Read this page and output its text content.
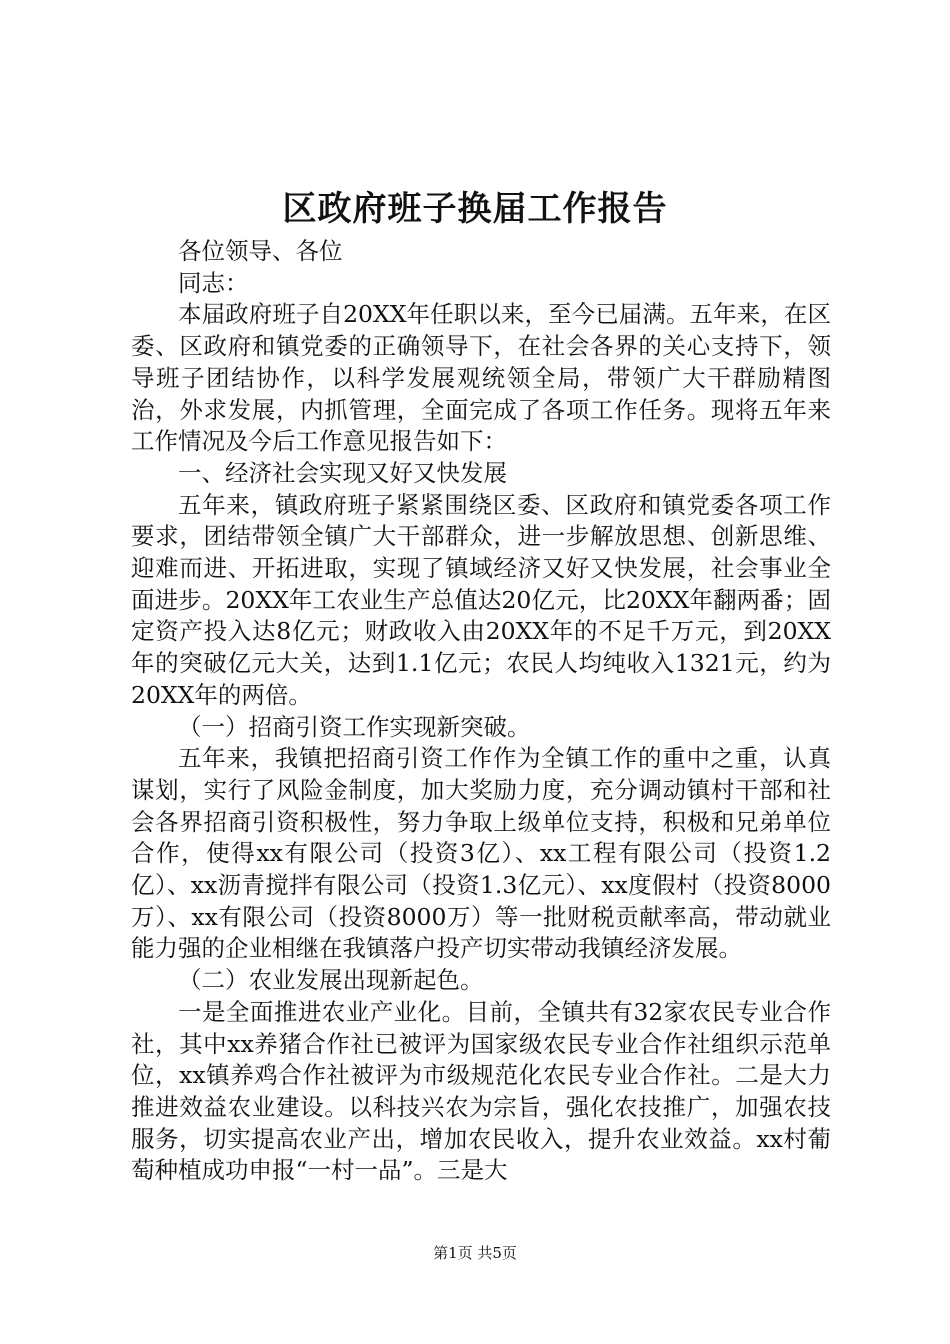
区政府班子换届工作报告

各位领导、各位

同志：

本届政府班子自20XX年任职以来，至今已届满。五年来，在区委、区政府和镇党委的正确领导下，在社会各界的关心支持下，领导班子团结协作，以科学发展观统领全局，带领广大干群励精图治，外求发展，内抓管理，全面完成了各项工作任务。现将五年来工作情况及今后工作意见报告如下：

一、经济社会实现又好又快发展

五年来，镇政府班子紧紧围绕区委、区政府和镇党委各项工作要求，团结带领全镇广大干部群众，进一步解放思想、创新思维、迎难而进、开拓进取，实现了镇域经济又好又快发展，社会事业全面进步。20XX年工农业生产总值达20亿元，比20XX年翻两番；固定资产投入达8亿元；财政收入由20XX年的不足千万元，到20XX年的突破亿元大关，达到1.1亿元；农民人均纯收入1321元，约为20XX年的两倍。

（一）招商引资工作实现新突破。

五年来，我镇把招商引资工作作为全镇工作的重中之重，认真谋划，实行了风险金制度，加大奖励力度，充分调动镇村干部和社会各界招商引资积极性，努力争取上级单位支持，积极和兄弟单位合作，使得xx有限公司（投资3亿）、xx工程有限公司（投资1.2亿）、xx沥青搅拌有限公司（投资1.3亿元）、xx度假村（投资8000万）、xx有限公司（投资8000万）等一批财税贡献率高，带动就业能力强的企业相继在我镇落户投产切实带动我镇经济发展。

（二）农业发展出现新起色。

一是全面推进农业产业化。目前，全镇共有32家农民专业合作社，其中xx养猪合作社已被评为国家级农民专业合作社组织示范单位，xx镇养鸡合作社被评为市级规范化农民专业合作社。二是大力推进效益农业建设。以科技兴农为宗旨，强化农技推广，加强农技服务，切实提高农业产出，增加农民收入，提升农业效益。xx村葡萄种植成功申报“一村一品”。三是大

第1页 共5页
